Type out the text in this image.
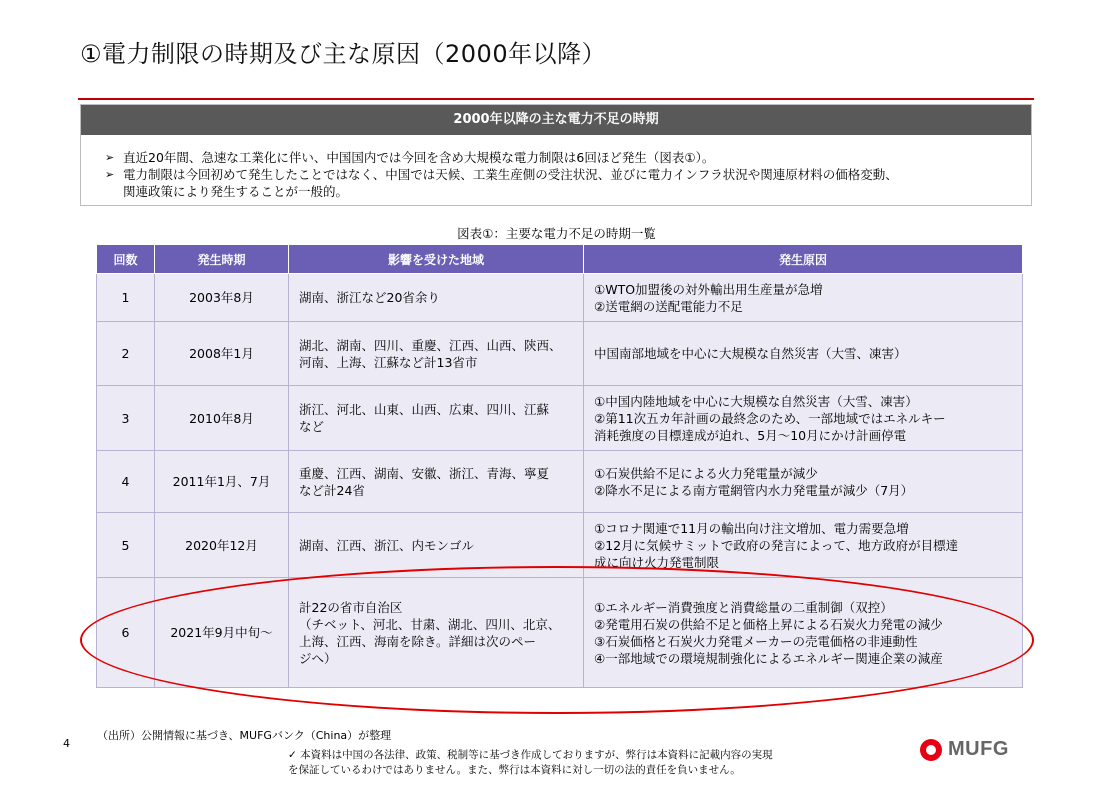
①電力制限の時期及び主な原因（2000年以降）
2000年以降の主な電力不足の時期
➢ 直近20年間、急速な工業化に伴い、中国国内では今回を含め大規模な電力制限は6回ほど発生（図表①）。
➢ 電力制限は今回初めて発生したことではなく、中国では天候、工業生産側の受注状況、並びに電力インフラ状況や関連原材料の価格変動、
関連政策により発生することが一般的。
図表①：主要な電力不足の時期一覧
回数	発生時期	影響を受けた地域	発生原因
1	2003年8月	湖南、浙江など20省余り	①WTO加盟後の対外輸出用生産量が急増
②送電網の送配電能力不足

2	2008年1月	湖北、湖南、四川、重慶、江西、山西、陝西、
河南、上海、江蘇など計13省市	中国南部地域を中心に大規模な自然災害（大雪、凍害）

3	2010年8月	浙江、河北、山東、山西、広東、四川、江蘇
など	①中国内陸地域を中心に大規模な自然災害（大雪、凍害）
②第11次五カ年計画の最終念のため、一部地域ではエネルキー
消耗強度の目標達成が迫れ、5月～10月にかけ計画停電

4	2011年1月、7月	重慶、江西、湖南、安徽、浙江、青海、寧夏
など計24省	①石炭供給不足による火力発電量が減少
②降水不足による南方電網管内水力発電量が減少（7月）

5	2020年12月	湖南、江西、浙江、内モンゴル	①コロナ関連で11月の輸出向け注文増加、電力需要急増
②12月に気候サミットで政府の発言によって、地方政府が目標達
成に向け火力発電制限

6	2021年9月中旬～	計22の省市自治区
（チベット、河北、甘粛、湖北、四川、北京、
上海、江西、海南を除き。詳細は次のペー
ジへ）	①エネルギー消費強度と消費総量の二重制御（双控）
②発電用石炭の供給不足と価格上昇による石炭火力発電の減少
③石炭価格と石炭火力発電メーカーの売電価格の非連動性
④一部地域での環境規制強化によるエネルギー関連企業の減産
4
（出所）公開情報に基づき、MUFGバンク（China）が整理
✓ 本資料は中国の各法律、政策、税制等に基づき作成しておりますが、弊行は本資料に記載内容の実現
を保証しているわけではありません。また、弊行は本資料に対し一切の法的責任を負いません。
MUFG
